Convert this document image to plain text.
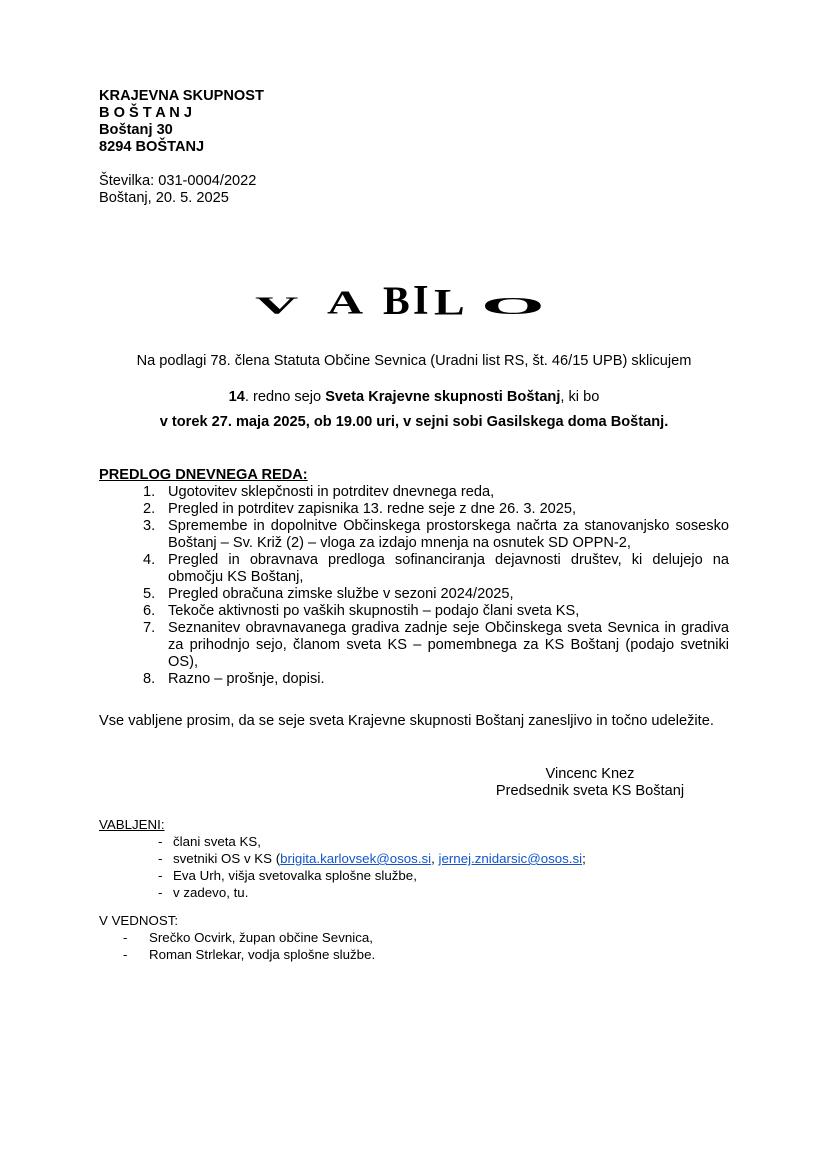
KRAJEVNA SKUPNOST
B O Š T A N J
Boštanj 30
8294 BOŠTANJ
Številka: 031-0004/2022
Boštanj, 20. 5. 2025
V A B I L O
Na podlagi 78. člena Statuta Občine Sevnica (Uradni list RS, št. 46/15 UPB) sklicujem
14. redno sejo Sveta Krajevne skupnosti Boštanj, ki bo
v torek 27. maja 2025, ob 19.00 uri, v sejni sobi Gasilskega doma Boštanj.
PREDLOG DNEVNEGA REDA:
1. Ugotovitev sklepčnosti in potrditev dnevnega reda,
2. Pregled in potrditev zapisnika 13. redne seje z dne 26. 3. 2025,
3. Spremembe in dopolnitve Občinskega prostorskega načrta za stanovanjsko sosesko Boštanj – Sv. Križ (2) – vloga za izdajo mnenja na osnutek SD OPPN-2,
4. Pregled in obravnava predloga sofinanciranja dejavnosti društev, ki delujejo na območju KS Boštanj,
5. Pregled obračuna zimske službe v sezoni 2024/2025,
6. Tekoče aktivnosti po vaških skupnostih – podajo člani sveta KS,
7. Seznanitev obravnavanega gradiva zadnje seje Občinskega sveta Sevnica in gradiva za prihodnjo sejo, članom sveta KS – pomembnega za KS Boštanj (podajo svetniki OS),
8. Razno – prošnje, dopisi.
Vse vabljene prosim, da se seje sveta Krajevne skupnosti Boštanj zanesljivo in točno udeležite.
Vincenc Knez
Predsednik sveta KS Boštanj
VABLJENI:
- člani sveta KS,
- svetniki OS v KS (brigita.karlovsek@osos.si, jernej.znidarsic@osos.si;
- Eva Urh, višja svetovalka splošne službe,
- v zadevo, tu.
V VEDNOST:
- Srečko Ocvirk, župan občine Sevnica,
- Roman Strlekar, vodja splošne službe.
